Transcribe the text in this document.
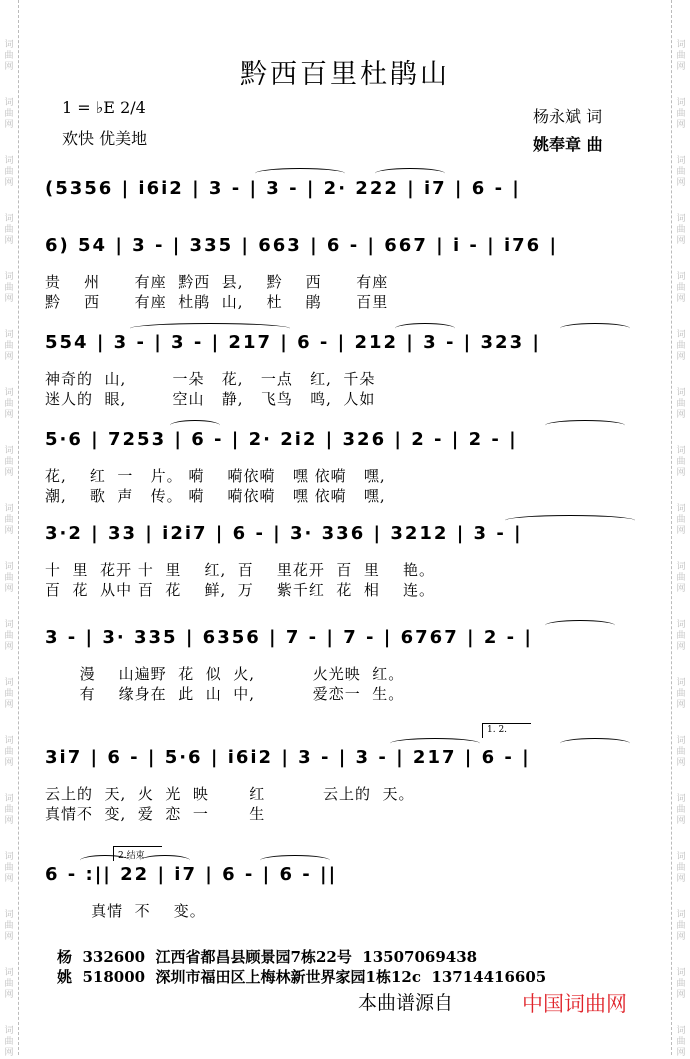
词
曲
网
词
曲
网
词
曲
网
词
曲
网
词
曲
网
词
曲
网
词
曲
网
词
曲
网
词
曲
网
词
曲
网
词
曲
网
词
曲
网
词
曲
网
词
曲
网
词
曲
网
词
曲
网
词
曲
网
词
曲
网
词
曲
网
词
曲
网
词
曲
网
词
曲
网
词
曲
网
词
曲
网
词
曲
网
词
曲
网
词
曲
网
词
曲
网
词
曲
网
词
曲
网
词
曲
网
词
曲
网
词
曲
网
词
曲
网
词
曲
网
词
曲
网
黔西百里杜鹃山
1 = ♭E 2/4
欢快 优美地
杨永斌 词
姚奉章 曲
(5356 | i6i2 | 3 - | 3 - | 2· 222 | i7 | 6 - |
6) 54 | 3 - | 335 | 663 | 6 - | 667 | i - | i76 |
贵    州      有座  黔西  县,    黔    西      有座
黔    西      有座  杜鹃  山,    杜    鹃      百里
554 | 3 - | 3 - | 217 | 6 - | 212 | 3 - | 323 |
神奇的  山,        一朵   花,   一点   红,  千朵
迷人的  眼,        空山   静,   飞鸟   鸣,  人如
5·6 | 7253 | 6 - | 2· 2i2 | 326 | 2 - | 2 - |
花,    红  一   片。 嗬    嗬依嗬   嘿 依嗬   嘿,
潮,    歌  声   传。 嗬    嗬依嗬   嘿 依嗬   嘿,
3·2 | 33 | i2i7 | 6 - | 3· 336 | 3212 | 3 - |
十  里  花开 十  里    红,  百    里花开  百  里    艳。
百  花  从中 百  花    鲜,  万    紫千红  花  相    连。
3 - | 3· 335 | 6356 | 7 - | 7 - | 6767 | 2 - |
漫    山遍野  花  似  火,          火光映  红。
有    缘身在  此  山  中,          爱恋一  生。
3i7 | 6 - | 5·6 | i6i2 | 3 - | 3 - | 217 | 6 - |
云上的  天,  火  光  映       红          云上的  天。
真情不  变,  爱  恋  一       生
6 - :|| 22 | i7 | 6 - | 6 - ||
真情  不    变。
1. 2.
2.结束
杨  332600  江西省都昌县顾景园7栋22号  13507069438
姚  518000  深圳市福田区上梅林新世界家园1栋12c  13714416605
本曲谱源自	中国词曲网
